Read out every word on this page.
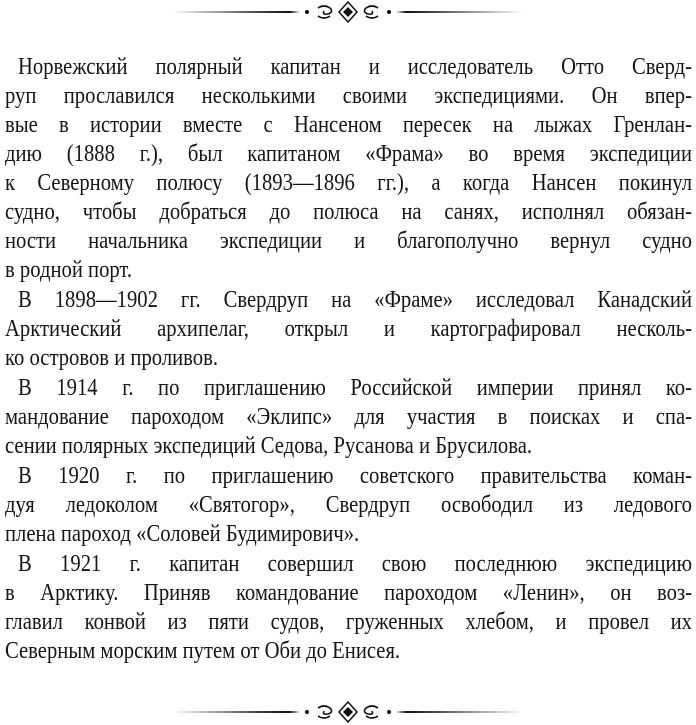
Норвежский полярный капитан и исследователь Отто Сверд-
руп прославился несколькими своими экспедициями. Он впер-
вые в истории вместе с Нансеном пересек на лыжах Гренлан-
дию (1888 г.), был капитаном «Фрама» во время экспедиции
к Северному полюсу (1893—1896 гг.), а когда Нансен покинул
судно, чтобы добраться до полюса на санях, исполнял обязан-
ности начальника экспедиции и благополучно вернул судно
в родной порт.
В 1898—1902 гг. Свердруп на «Фраме» исследовал Канадский
Арктический архипелаг, открыл и картографировал несколь-
ко островов и проливов.
В 1914 г. по приглашению Российской империи принял ко-
мандование пароходом «Эклипс» для участия в поисках и спа-
сении полярных экспедиций Седова, Русанова и Брусилова.
В 1920 г. по приглашению советского правительства коман-
дуя ледоколом «Святогор», Свердруп освободил из ледового
плена пароход «Соловей Будимирович».
В 1921 г. капитан совершил свою последнюю экспедицию
в Арктику. Приняв командование пароходом «Ленин», он воз-
главил конвой из пяти судов, груженных хлебом, и провел их
Северным морским путем от Оби до Енисея.
